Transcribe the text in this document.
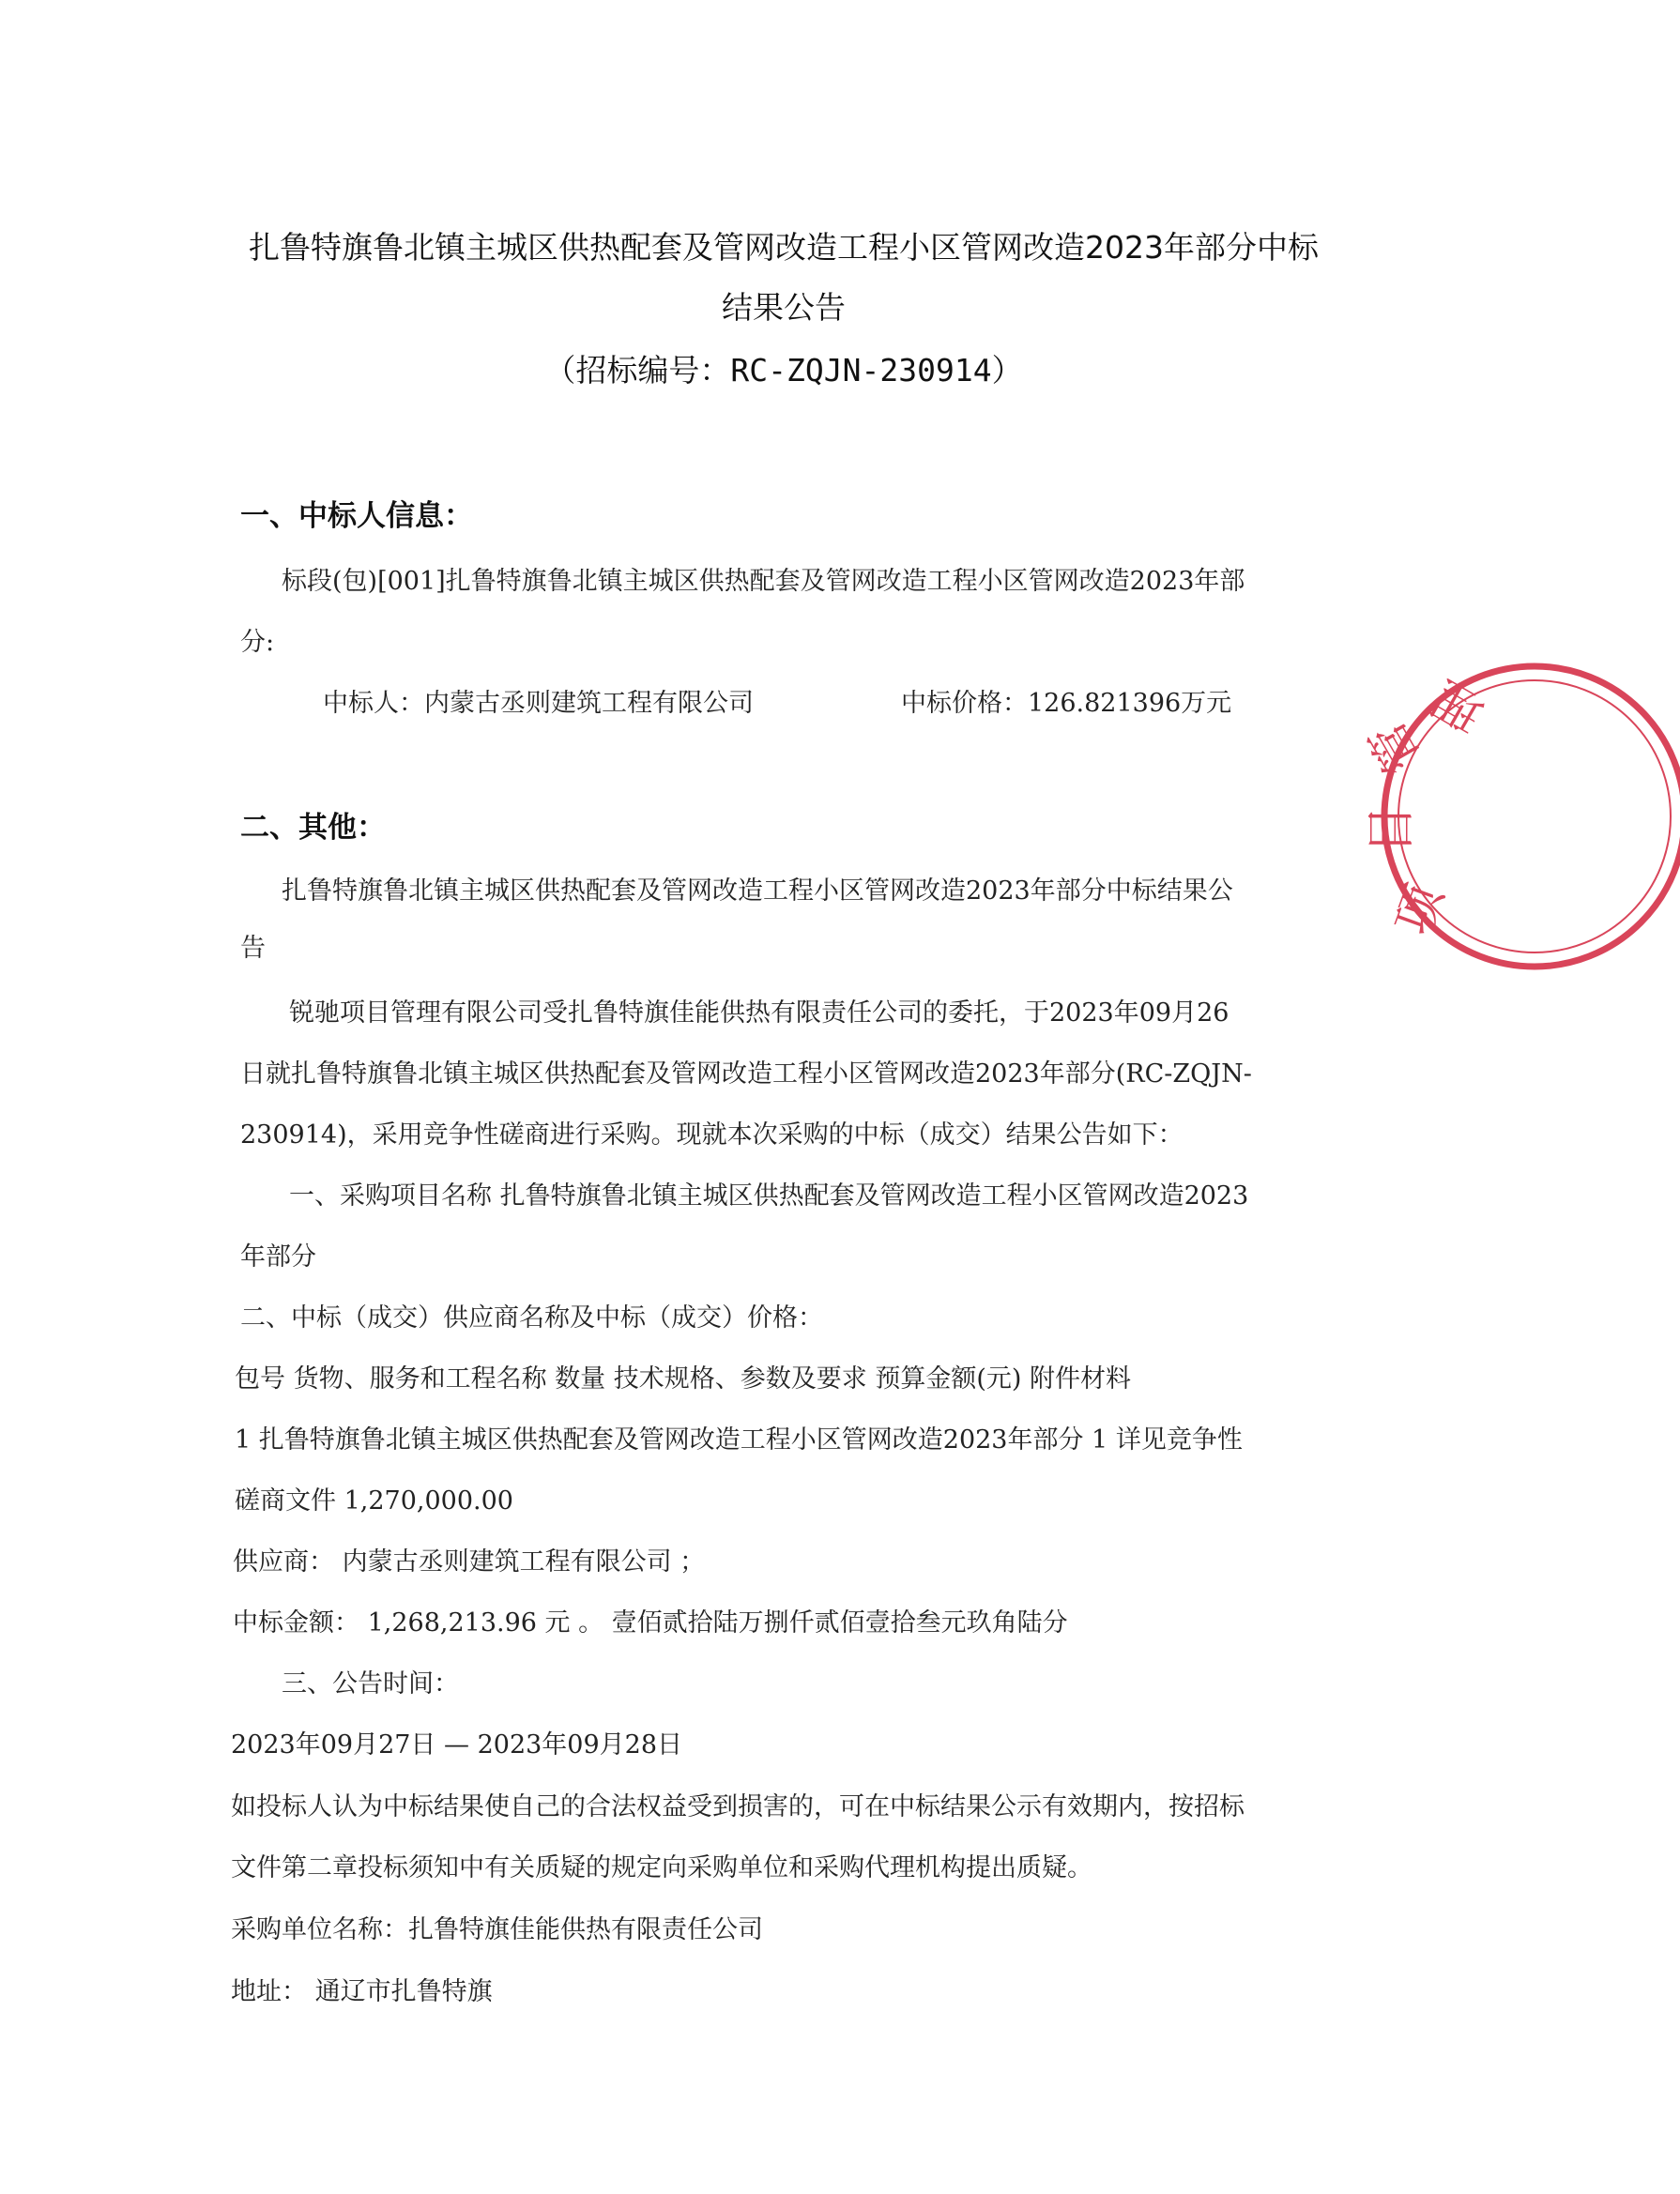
扎鲁特旗鲁北镇主城区供热配套及管网改造工程小区管网改造2023年部分中标
结果公告
（招标编号：RC-ZQJN-230914）
一、中标人信息：
标段(包)[001]扎鲁特旗鲁北镇主城区供热配套及管网改造工程小区管网改造2023年部
分:
中标人：内蒙古丞则建筑工程有限公司	中标价格：126.821396万元
二、其他：
扎鲁特旗鲁北镇主城区供热配套及管网改造工程小区管网改造2023年部分中标结果公
告
锐驰项目管理有限公司受扎鲁特旗佳能供热有限责任公司的委托，于2023年09月26
日就扎鲁特旗鲁北镇主城区供热配套及管网改造工程小区管网改造2023年部分(RC-ZQJN-
230914)，采用竞争性磋商进行采购。现就本次采购的中标（成交）结果公告如下：
一、采购项目名称 扎鲁特旗鲁北镇主城区供热配套及管网改造工程小区管网改造2023
年部分
二、中标（成交）供应商名称及中标（成交）价格：
包号 货物、服务和工程名称 数量 技术规格、参数及要求 预算金额(元) 附件材料
1 扎鲁特旗鲁北镇主城区供热配套及管网改造工程小区管网改造2023年部分 1 详见竞争性
磋商文件 1,270,000.00
供应商： 内蒙古丞则建筑工程有限公司 ；
中标金额： 1,268,213.96 元 。 壹佰贰拾陆万捌仟贰佰壹拾叁元玖角陆分
三、公告时间：
2023年09月27日 — 2023年09月28日
如投标人认为中标结果使自己的合法权益受到损害的，可在中标结果公示有效期内，按招标
文件第二章投标须知中有关质疑的规定向采购单位和采购代理机构提出质疑。
采购单位名称：扎鲁特旗佳能供热有限责任公司
地址： 通辽市扎鲁特旗
项
目
管
理
